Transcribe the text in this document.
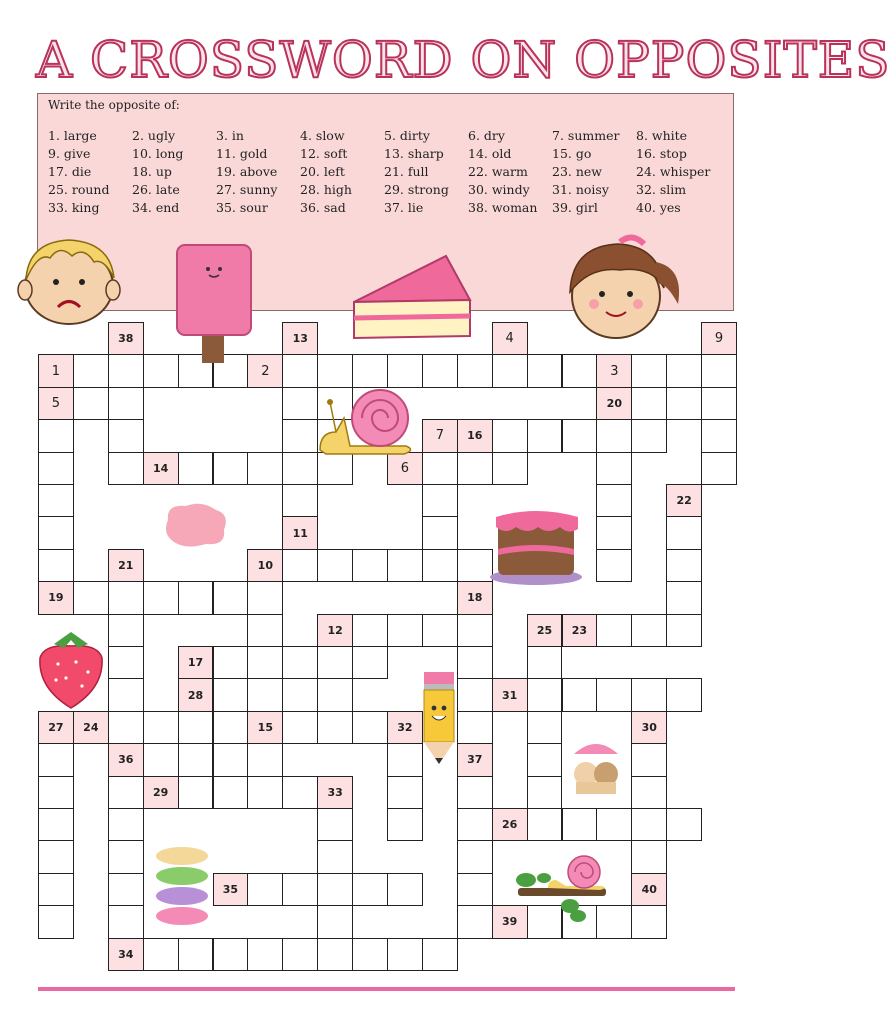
A CROSSWORD ON OPPOSITES
Write the opposite of:
1. large	2. ugly	3. in	4. slow	5. dirty	6. dry	7. summer	8. white
9. give	10. long	11. gold	12. soft	13. sharp	14. old	15. go	16. stop
17. die	18. up	19. above	20. left	21. full	22. warm	23. new	24. whisper
25. round	26. late	27. sunny	28. high	29. strong	30. windy	31. noisy	32. slim
33. king	34. end	35. sour	36. sad	37. lie	38. woman	39. girl	40. yes
38	13	4	9
1	2	3
5	20
7	16
14	6
22
11
21	10
19	18
12	25	23
17
28	31
27	24	15	32	30
36	37
29	33
26
35	40
39
34
